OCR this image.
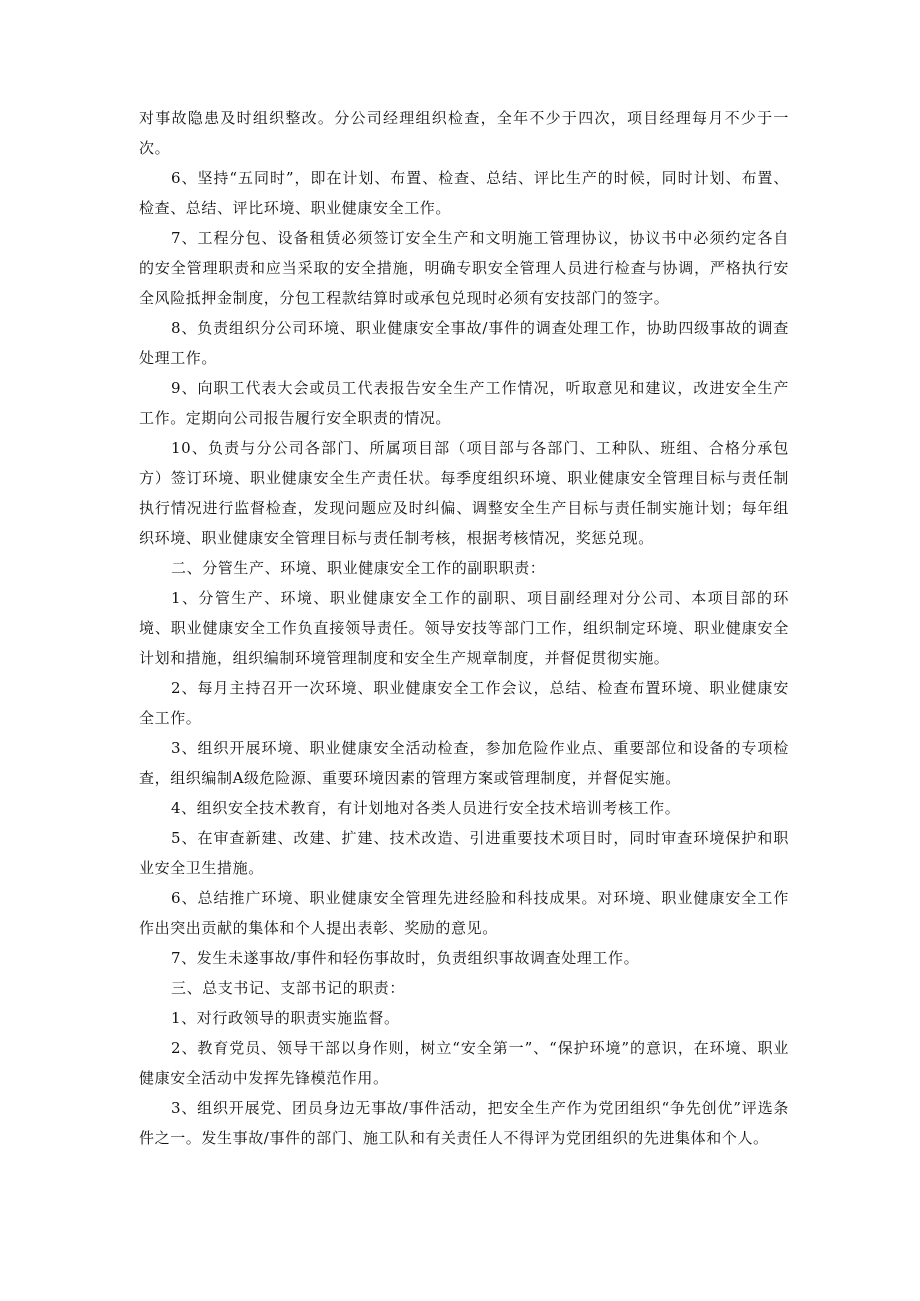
对事故隐患及时组织整改。分公司经理组织检查，全年不少于四次，项目经理每月不少于一次。

6、坚持“五同时”，即在计划、布置、检查、总结、评比生产的时候，同时计划、布置、检查、总结、评比环境、职业健康安全工作。

7、工程分包、设备租赁必须签订安全生产和文明施工管理协议，协议书中必须约定各自的安全管理职责和应当采取的安全措施，明确专职安全管理人员进行检查与协调，严格执行安全风险抵押金制度，分包工程款结算时或承包兑现时必须有安技部门的签字。

8、负责组织分公司环境、职业健康安全事故/事件的调查处理工作，协助四级事故的调查处理工作。

9、向职工代表大会或员工代表报告安全生产工作情况，听取意见和建议，改进安全生产工作。定期向公司报告履行安全职责的情况。

10、负责与分公司各部门、所属项目部（项目部与各部门、工种队、班组、合格分承包方）签订环境、职业健康安全生产责任状。每季度组织环境、职业健康安全管理目标与责任制执行情况进行监督检查，发现问题应及时纠偏、调整安全生产目标与责任制实施计划；每年组织环境、职业健康安全管理目标与责任制考核，根据考核情况，奖惩兑现。

二、分管生产、环境、职业健康安全工作的副职职责：

1、分管生产、环境、职业健康安全工作的副职、项目副经理对分公司、本项目部的环境、职业健康安全工作负直接领导责任。领导安技等部门工作，组织制定环境、职业健康安全计划和措施，组织编制环境管理制度和安全生产规章制度，并督促贯彻实施。

2、每月主持召开一次环境、职业健康安全工作会议，总结、检查布置环境、职业健康安全工作。

3、组织开展环境、职业健康安全活动检查，参加危险作业点、重要部位和设备的专项检查，组织编制A级危险源、重要环境因素的管理方案或管理制度，并督促实施。

4、组织安全技术教育，有计划地对各类人员进行安全技术培训考核工作。

5、在审查新建、改建、扩建、技术改造、引进重要技术项目时，同时审查环境保护和职业安全卫生措施。

6、总结推广环境、职业健康安全管理先进经脸和科技成果。对环境、职业健康安全工作作出突出贡献的集体和个人提出表彰、奖励的意见。

7、发生未遂事故/事件和轻伤事故时，负责组织事故调查处理工作。

三、总支书记、支部书记的职责：

1、对行政领导的职责实施监督。

2、教育党员、领导干部以身作则，树立“安全第一”、“保护环境”的意识，在环境、职业健康安全活动中发挥先锋模范作用。

3、组织开展党、团员身边无事故/事件活动，把安全生产作为党团组织“争先创优”评选条件之一。发生事故/事件的部门、施工队和有关责任人不得评为党团组织的先进集体和个人。
